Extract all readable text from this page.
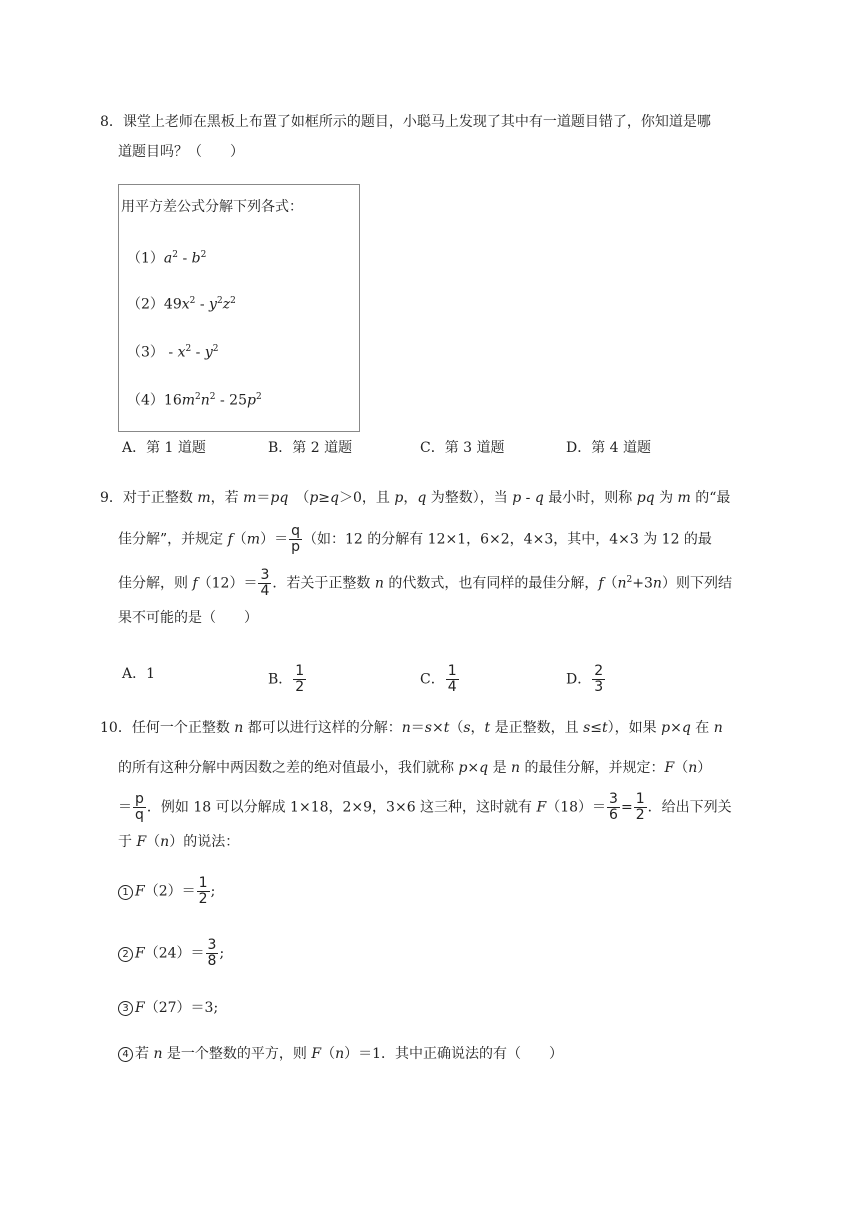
8．课堂上老师在黑板上布置了如框所示的题目，小聪马上发现了其中有一道题目错了，你知道是哪
道题目吗？（　　）
用平方差公式分解下列各式：
$(1)a^2 - b^2$
$(2)49x^2 - y^2z^2$
$(3) - x^2 - y^2$
$(4)16m^2n^2 - 25p^2$
A．第 1 道题	B．第 2 道题	C．第 3 道题	D．第 4 道题
9．对于正整数 m，若 m＝pq　（p≥q＞0，且 p，q 为整数），当 p - q 最小时，则称 pq 为 m 的“最
佳分解”，并规定 $f(m)= \frac{q}{p}$ （如：12 的分解有 12×1，6×2，4×3，其中，4×3 为 12 的最
佳分解，则 $f(12)= \frac{3}{4}$ ．若关于正整数 n 的代数式，也有同样的最佳分解，$f(n^2+3n)$则下列结
果不可能的是（　　）
A．1	B． $\frac{1}{2}$	C． $\frac{1}{4}$	D． $\frac{2}{3}$
10．任何一个正整数 n 都可以进行这样的分解：n＝s×t（s，t 是正整数，且 s≤t），如果 p×q 在 n
的所有这种分解中两因数之差的绝对值最小，我们就称 p×q 是 n 的最佳分解，并规定：F（n）
＝ $\frac{p}{q}$ ．例如 18 可以分解成 1×18，2×9，3×6 这三种，这时就有 $F(18)= \frac{3}{6} = \frac{1}{2}$ ．给出下列关
于 F（n）的说法：
1 $F(2)= \frac{1}{2}$ ;
2 $F(24)= \frac{3}{8}$ ;
3 F（27）＝3;
4 若 n 是一个整数的平方，则 F（n）＝1．其中正确说法的有（　　）
